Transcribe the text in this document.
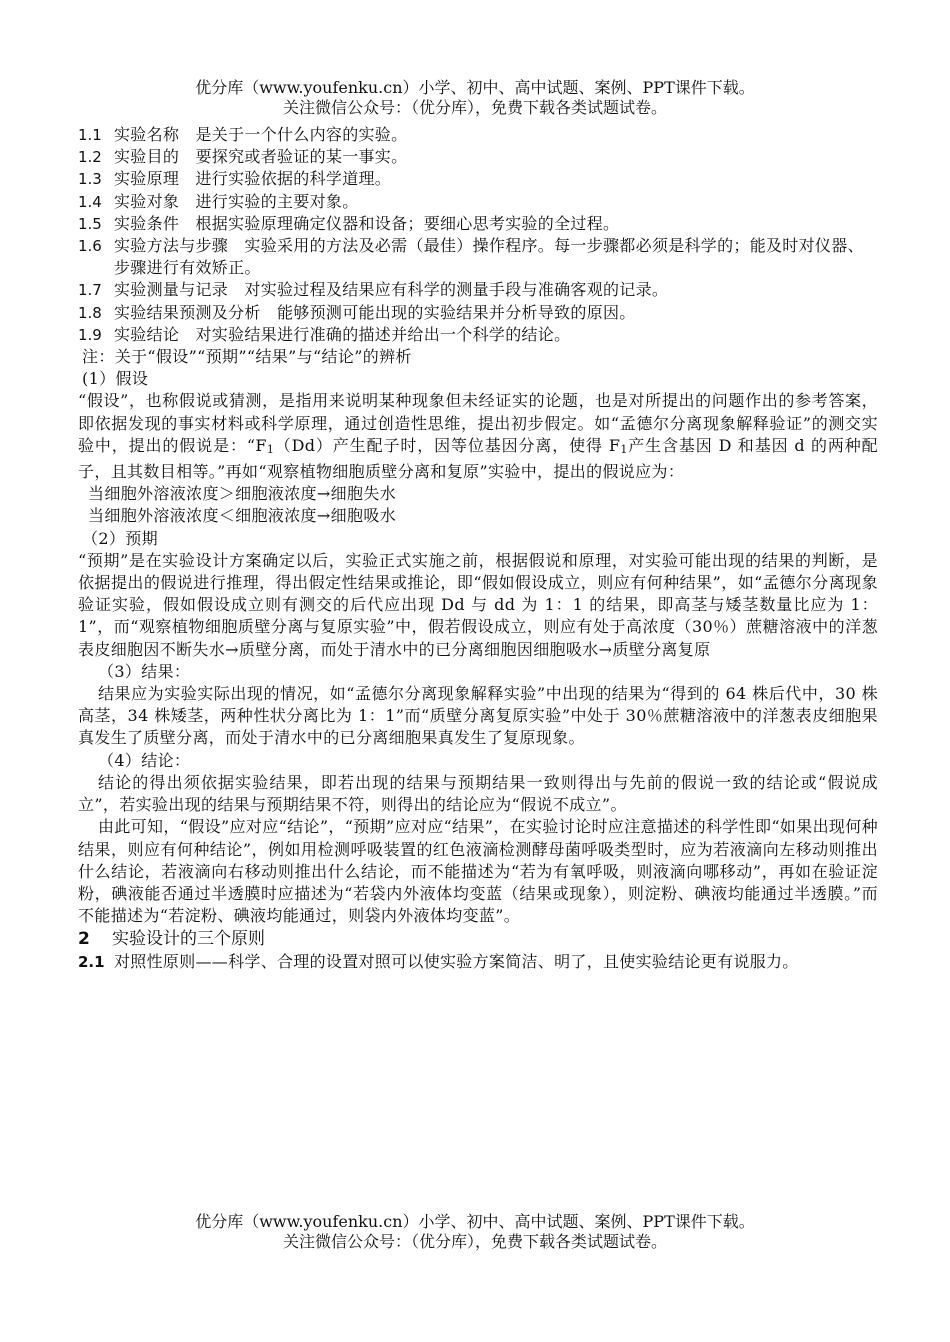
优分库（www.youfenku.cn）小学、初中、高中试题、案例、PPT课件下载。
关注微信公众号：（优分库），免费下载各类试题试卷。
1.1 实验名称　是关于一个什么内容的实验。
1.2 实验目的　要探究或者验证的某一事实。
1.3 实验原理　进行实验依据的科学道理。
1.4 实验对象　进行实验的主要对象。
1.5 实验条件　根据实验原理确定仪器和设备；要细心思考实验的全过程。
1.6 实验方法与步骤　实验采用的方法及必需（最佳）操作程序。每一步骤都必须是科学的；能及时对仪器、步骤进行有效矫正。
1.7 实验测量与记录　对实验过程及结果应有科学的测量手段与准确客观的记录。
1.8 实验结果预测及分析　能够预测可能出现的实验结果并分析导致的原因。
1.9 实验结论　对实验结果进行准确的描述并给出一个科学的结论。

注：关于“假设”“预期”“结果”与“结论”的辨析

(1）假设

“假设”，也称假说或猜测，是指用来说明某种现象但未经证实的论题，也是对所提出的问题作出的参考答案，即依据发现的事实材料或科学原理，通过创造性思维，提出初步假定。如“孟德尔分离现象解释验证”的测交实验中，提出的假说是：“F1（Dd）产生配子时，因等位基因分离，使得 F1产生含基因 D 和基因 d 的两种配子，且其数目相等。”再如“观察植物细胞质壁分离和复原”实验中，提出的假说应为：

当细胞外溶液浓度＞细胞液浓度→细胞失水

当细胞外溶液浓度＜细胞液浓度→细胞吸水

（2）预期

“预期”是在实验设计方案确定以后，实验正式实施之前，根据假说和原理，对实验可能出现的结果的判断，是依据提出的假说进行推理，得出假定性结果或推论，即“假如假设成立，则应有何种结果”，如“孟德尔分离现象验证实验，假如假设成立则有测交的后代应出现 Dd 与 dd 为 1：1 的结果，即高茎与矮茎数量比应为 1：1”，而“观察植物细胞质壁分离与复原实验”中，假若假设成立，则应有处于高浓度（30％）蔗糖溶液中的洋葱表皮细胞因不断失水→质壁分离，而处于清水中的已分离细胞因细胞吸水→质壁分离复原

（3）结果：

结果应为实验实际出现的情况，如“孟德尔分离现象解释实验”中出现的结果为“得到的 64 株后代中，30 株高茎，34 株矮茎，两种性状分离比为 1：1”而“质壁分离复原实验”中处于 30％蔗糖溶液中的洋葱表皮细胞果真发生了质壁分离，而处于清水中的已分离细胞果真发生了复原现象。

（4）结论：

结论的得出须依据实验结果，即若出现的结果与预期结果一致则得出与先前的假说一致的结论或“假说成立”，若实验出现的结果与预期结果不符，则得出的结论应为“假说不成立”。

由此可知，“假设”应对应“结论”，“预期”应对应“结果”，在实验讨论时应注意描述的科学性即“如果出现何种结果，则应有何种结论”，例如用检测呼吸装置的红色液滴检测酵母菌呼吸类型时，应为若液滴向左移动则推出什么结论，若液滴向右移动则推出什么结论，而不能描述为“若为有氧呼吸，则液滴向哪移动”，再如在验证淀粉，碘液能否通过半透膜时应描述为“若袋内外液体均变蓝（结果或现象），则淀粉、碘液均能通过半透膜。”而不能描述为“若淀粉、碘液均能通过，则袋内外液体均变蓝”。

2 实验设计的三个原则

2.1 对照性原则——科学、合理的设置对照可以使实验方案简洁、明了，且使实验结论更有说服力。
优分库（www.youfenku.cn）小学、初中、高中试题、案例、PPT课件下载。
关注微信公众号：（优分库），免费下载各类试题试卷。
